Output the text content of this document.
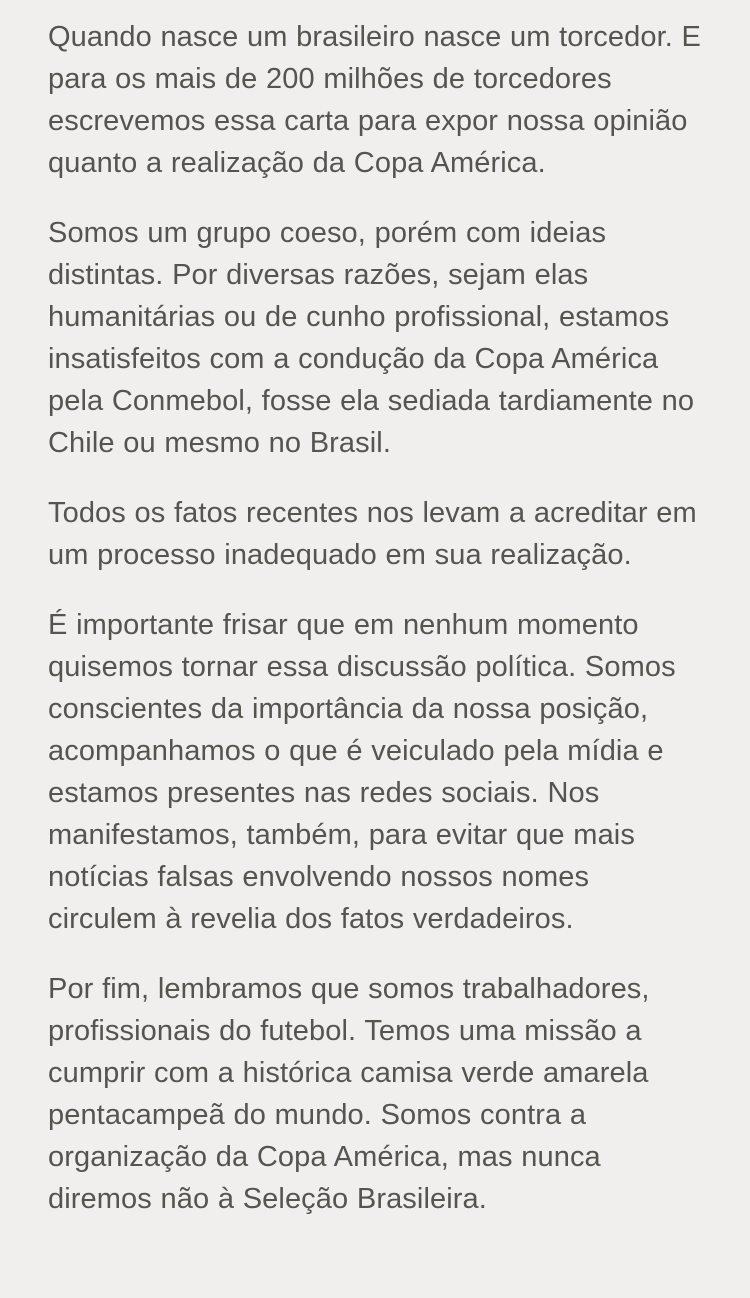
Quando nasce um brasileiro nasce um torcedor. E para os mais de 200 milhões de torcedores escrevemos essa carta para expor nossa opinião quanto a realização da Copa América.

Somos um grupo coeso, porém com ideias distintas. Por diversas razões, sejam elas humanitárias ou de cunho profissional, estamos insatisfeitos com a condução da Copa América pela Conmebol, fosse ela sediada tardiamente no Chile ou mesmo no Brasil.

Todos os fatos recentes nos levam a acreditar em um processo inadequado em sua realização.

É importante frisar que em nenhum momento quisemos tornar essa discussão política. Somos conscientes da importância da nossa posição, acompanhamos o que é veiculado pela mídia e estamos presentes nas redes sociais. Nos manifestamos, também, para evitar que mais notícias falsas envolvendo nossos nomes circulem à revelia dos fatos verdadeiros.

Por fim, lembramos que somos trabalhadores, profissionais do futebol. Temos uma missão a cumprir com a histórica camisa verde amarela pentacampeã do mundo. Somos contra a organização da Copa América, mas nunca diremos não à Seleção Brasileira.
